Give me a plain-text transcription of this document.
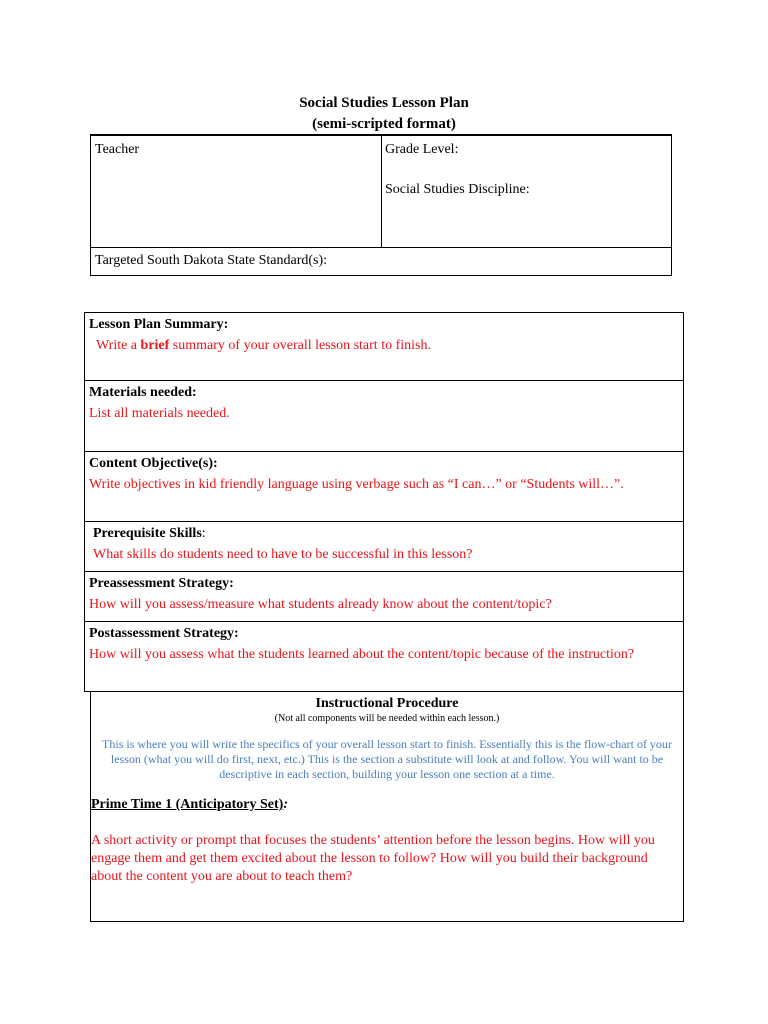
Social Studies Lesson Plan
(semi-scripted format)
Teacher	Grade Level:
Social Studies Discipline:
Targeted South Dakota State Standard(s):
Lesson Plan Summary:
Write a brief summary of your overall lesson start to finish.
Materials needed:
List all materials needed.
Content Objective(s):
Write objectives in kid friendly language using verbage such as “I can…” or “Students will…”.
Prerequisite Skills:
What skills do students need to have to be successful in this lesson?
Preassessment Strategy:
How will you assess/measure what students already know about the content/topic?
Postassessment Strategy:
How will you assess what the students learned about the content/topic because of the instruction?
Instructional Procedure
(Not all components will be needed within each lesson.)
This is where you will write the specifics of your overall lesson start to finish. Essentially this is the flow-chart of your lesson (what you will do first, next, etc.) This is the section a substitute will look at and follow. You will want to be descriptive in each section, building your lesson one section at a time.
Prime Time 1 (Anticipatory Set):
A short activity or prompt that focuses the students’ attention before the lesson begins. How will you engage them and get them excited about the lesson to follow? How will you build their background about the content you are about to teach them?
